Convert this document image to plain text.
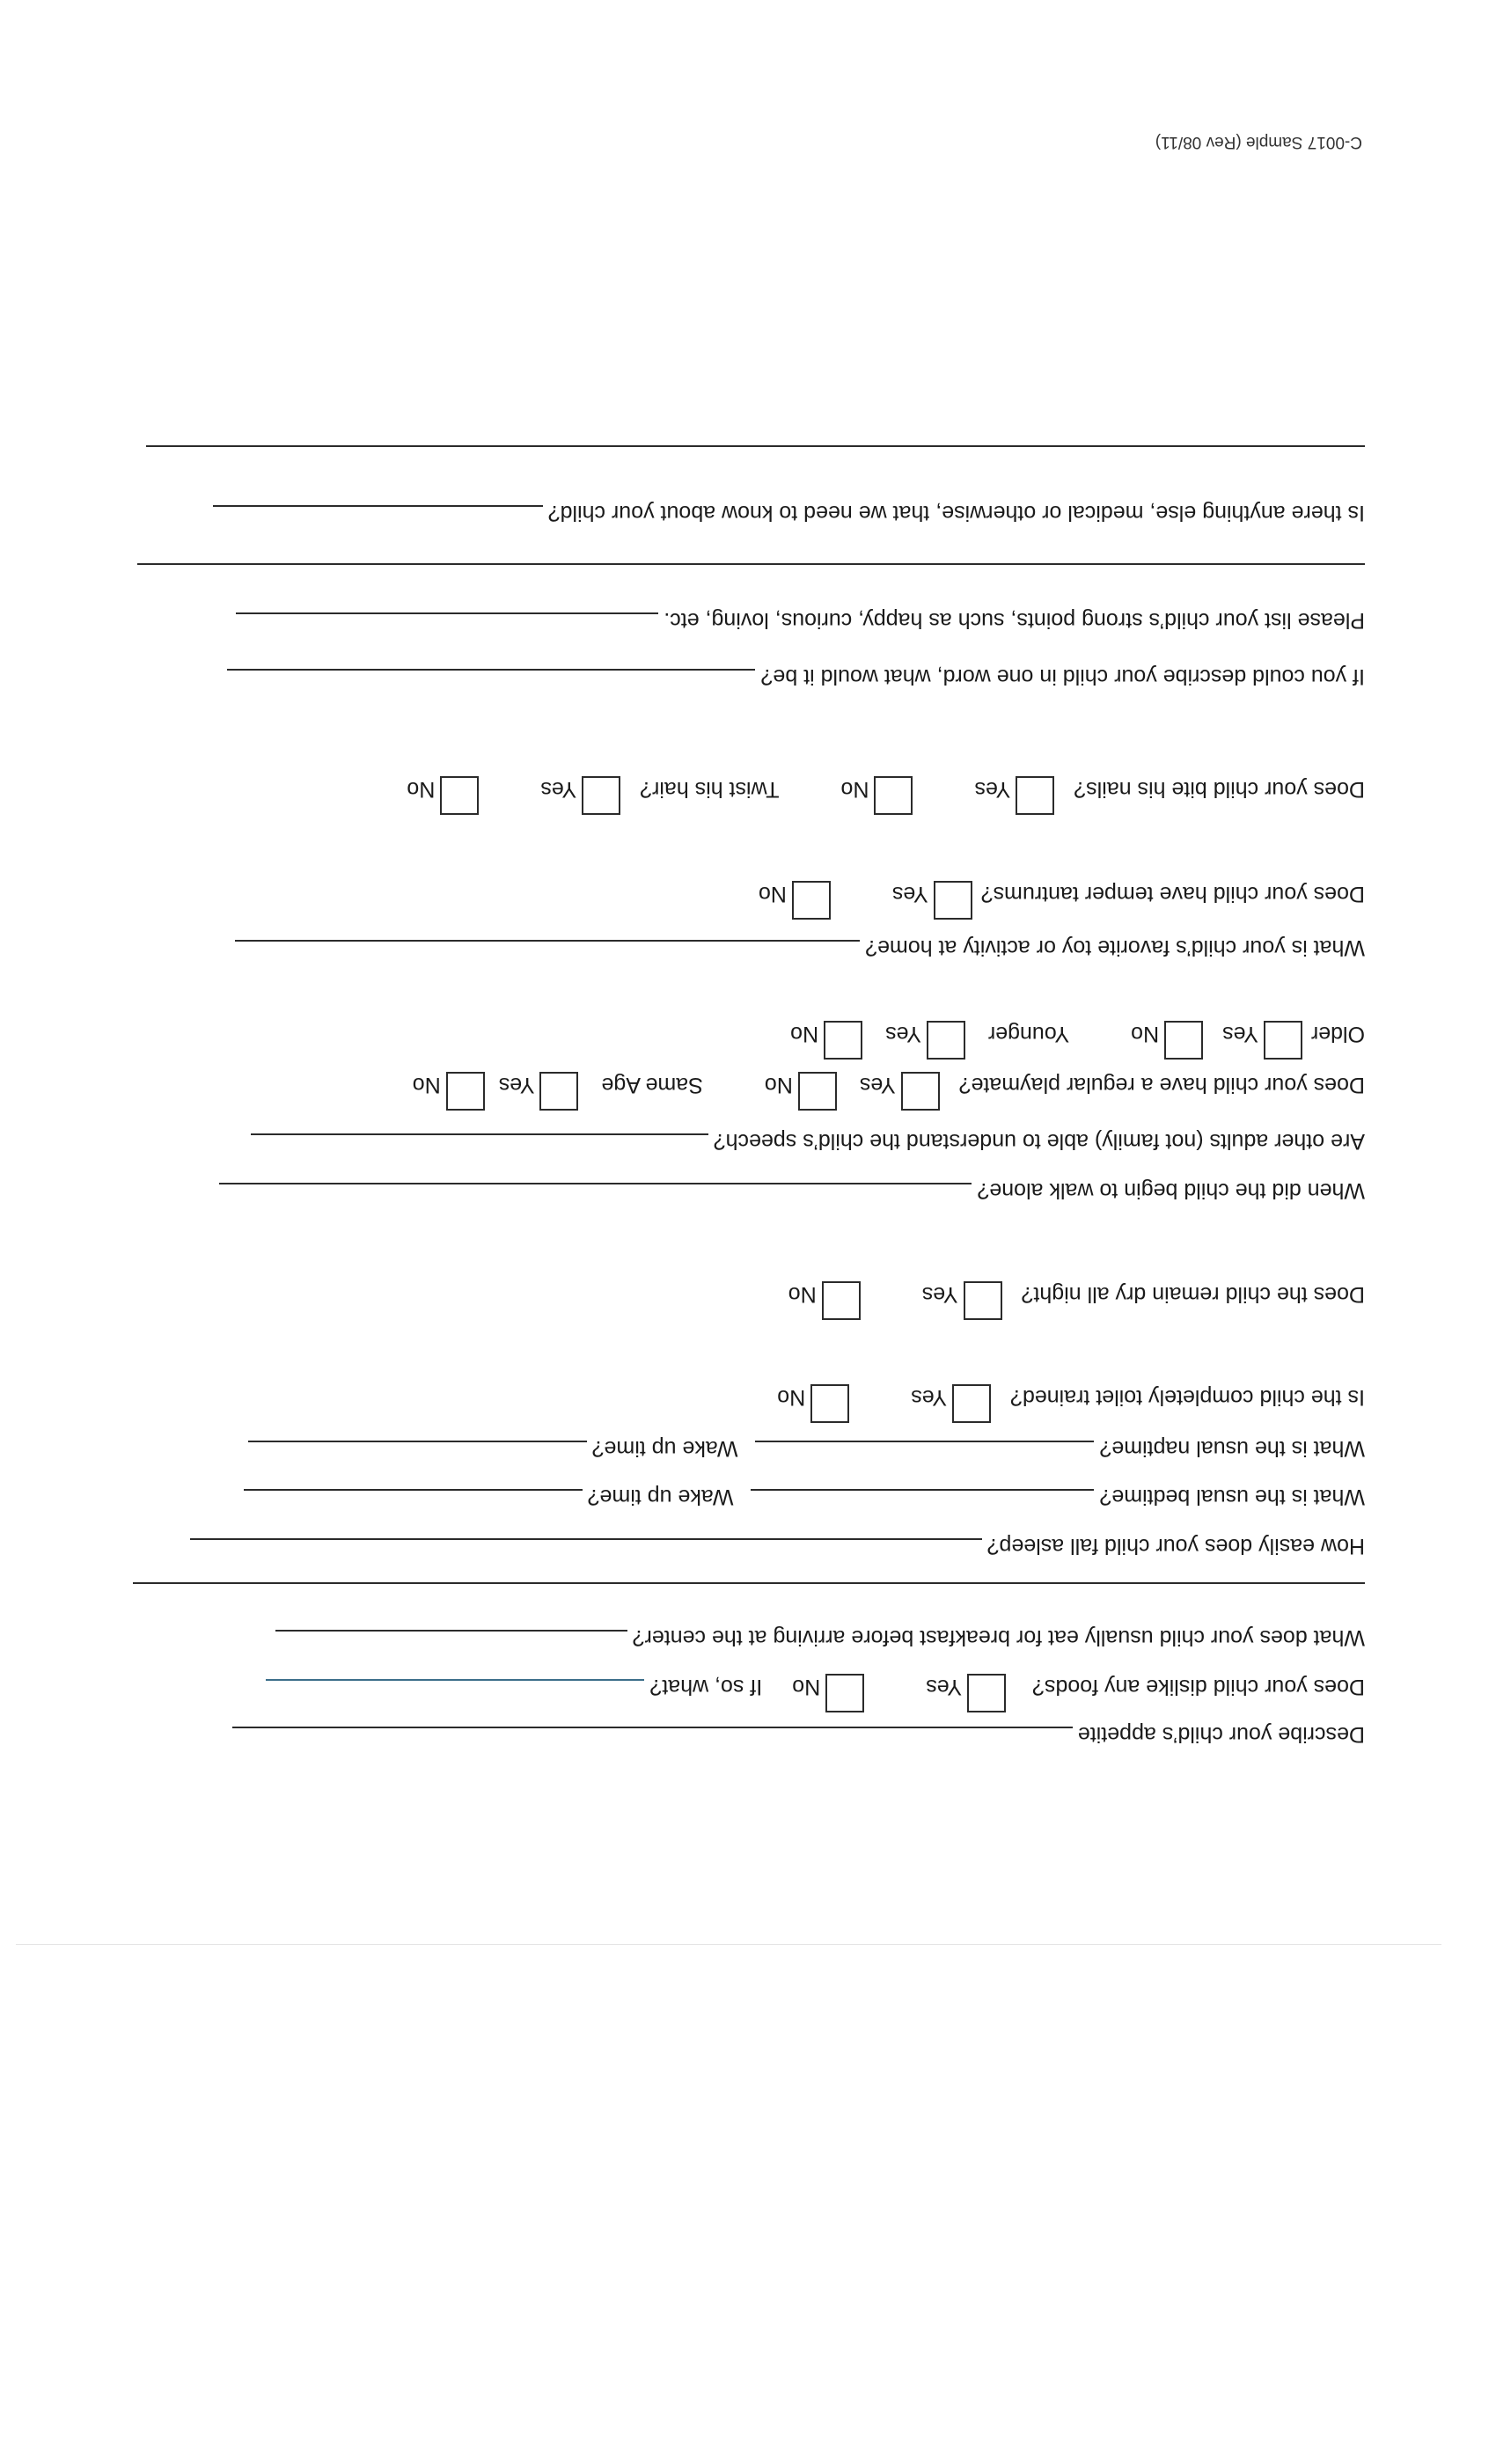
Describe your child’s appetite
Does your child dislike any foods?
Yes
No
If so, what?
What does your child usually eat for breakfast before arriving at the center?
How easily does your child fall asleep?
What is the usual bedtime?
Wake up time?
What is the usual naptime?
Wake up time?
Is the child completely toilet trained?
Yes
No
Does the child remain dry all night?
Yes
No
When did the child begin to walk alone?
Are other adults (not family) able to understand the child’s speech?
Does your child have a regular playmate?
Yes
No
Same Age
Yes
No
Older
Yes
No
Younger
Yes
No
What is your child’s favorite toy or activity at home?
Does your child have temper tantrums?
Yes
No
Does your child bite his nails?
Yes
No
Twist his hair?
Yes
No
If you could describe your child in one word, what would it be?
Please list your child’s strong points, such as happy, curious, loving, etc.
Is there anything else, medical or otherwise, that we need to know about your child?
C-0017 Sample (Rev 08/11)
